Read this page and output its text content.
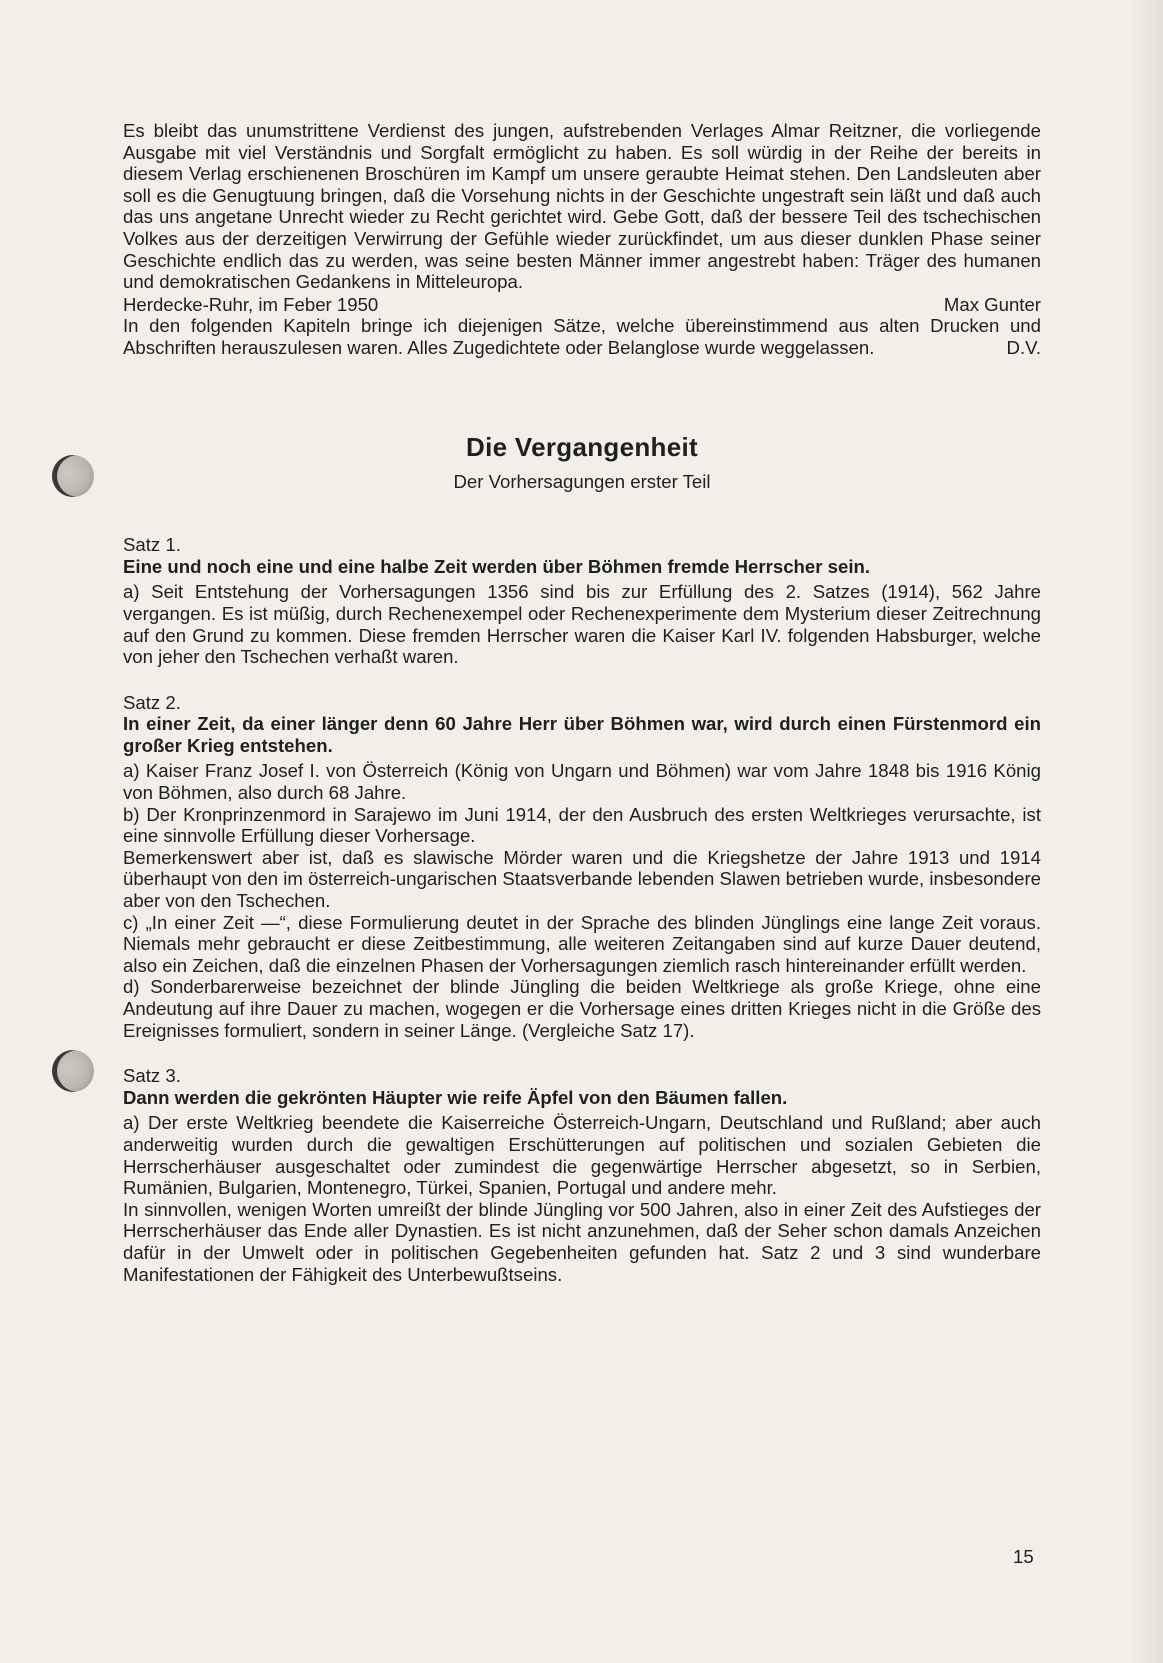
Es bleibt das unumstrittene Verdienst des jungen, aufstrebenden Verlages Almar Reitzner, die vorliegende Ausgabe mit viel Verständnis und Sorgfalt ermöglicht zu haben. Es soll würdig in der Reihe der bereits in diesem Verlag erschienenen Broschüren im Kampf um unsere geraubte Heimat stehen. Den Landsleuten aber soll es die Genugtuung bringen, daß die Vorsehung nichts in der Geschichte ungestraft sein läßt und daß auch das uns angetane Unrecht wieder zu Recht gerichtet wird. Gebe Gott, daß der bessere Teil des tschechischen Volkes aus der derzeitigen Verwirrung der Gefühle wieder zurückfindet, um aus dieser dunklen Phase seiner Geschichte endlich das zu werden, was seine besten Männer immer angestrebt haben: Träger des humanen und demokratischen Gedankens in Mitteleuropa.

Herdecke-Ruhr, im Feber 1950	Max Gunter

In den folgenden Kapiteln bringe ich diejenigen Sätze, welche übereinstimmend aus alten Drucken und Abschriften herauszulesen waren. Alles Zugedichtete oder Belanglose wurde weggelassen.	D.V.

Die Vergangenheit
Der Vorhersagungen erster Teil

Satz 1.

Eine und noch eine und eine halbe Zeit werden über Böhmen fremde Herrscher sein.

a) Seit Entstehung der Vorhersagungen 1356 sind bis zur Erfüllung des 2. Satzes (1914), 562 Jahre vergangen. Es ist müßig, durch Rechenexempel oder Rechenexperimente dem Mysterium dieser Zeitrechnung auf den Grund zu kommen. Diese fremden Herrscher waren die Kaiser Karl IV. folgenden Habsburger, welche von jeher den Tschechen verhaßt waren.

Satz 2.

In einer Zeit, da einer länger denn 60 Jahre Herr über Böhmen war, wird durch einen Fürstenmord ein großer Krieg entstehen.

a) Kaiser Franz Josef I. von Österreich (König von Ungarn und Böhmen) war vom Jahre 1848 bis 1916 König von Böhmen, also durch 68 Jahre.

b) Der Kronprinzenmord in Sarajewo im Juni 1914, der den Ausbruch des ersten Weltkrieges verursachte, ist eine sinnvolle Erfüllung dieser Vorhersage.

Bemerkenswert aber ist, daß es slawische Mörder waren und die Kriegshetze der Jahre 1913 und 1914 überhaupt von den im österreich-ungarischen Staatsverbande lebenden Slawen betrieben wurde, insbesondere aber von den Tschechen.

c) „In einer Zeit —“, diese Formulierung deutet in der Sprache des blinden Jünglings eine lange Zeit voraus. Niemals mehr gebraucht er diese Zeitbestimmung, alle weiteren Zeitangaben sind auf kurze Dauer deutend, also ein Zeichen, daß die einzelnen Phasen der Vorhersagungen ziemlich rasch hintereinander erfüllt werden.

d) Sonderbarerweise bezeichnet der blinde Jüngling die beiden Weltkriege als große Kriege, ohne eine Andeutung auf ihre Dauer zu machen, wogegen er die Vorhersage eines dritten Krieges nicht in die Größe des Ereignisses formuliert, sondern in seiner Länge. (Vergleiche Satz 17).

Satz 3.

Dann werden die gekrönten Häupter wie reife Äpfel von den Bäumen fallen.

a) Der erste Weltkrieg beendete die Kaiserreiche Österreich-Ungarn, Deutschland und Rußland; aber auch anderweitig wurden durch die gewaltigen Erschütterungen auf politischen und sozialen Gebieten die Herrscherhäuser ausgeschaltet oder zumindest die gegenwärtige Herrscher abgesetzt, so in Serbien, Rumänien, Bulgarien, Montenegro, Türkei, Spanien, Portugal und andere mehr.

In sinnvollen, wenigen Worten umreißt der blinde Jüngling vor 500 Jahren, also in einer Zeit des Aufstieges der Herrscherhäuser das Ende aller Dynastien. Es ist nicht anzunehmen, daß der Seher schon damals Anzeichen dafür in der Umwelt oder in politischen Gegebenheiten gefunden hat. Satz 2 und 3 sind wunderbare Manifestationen der Fähigkeit des Unterbewußtseins.

15
